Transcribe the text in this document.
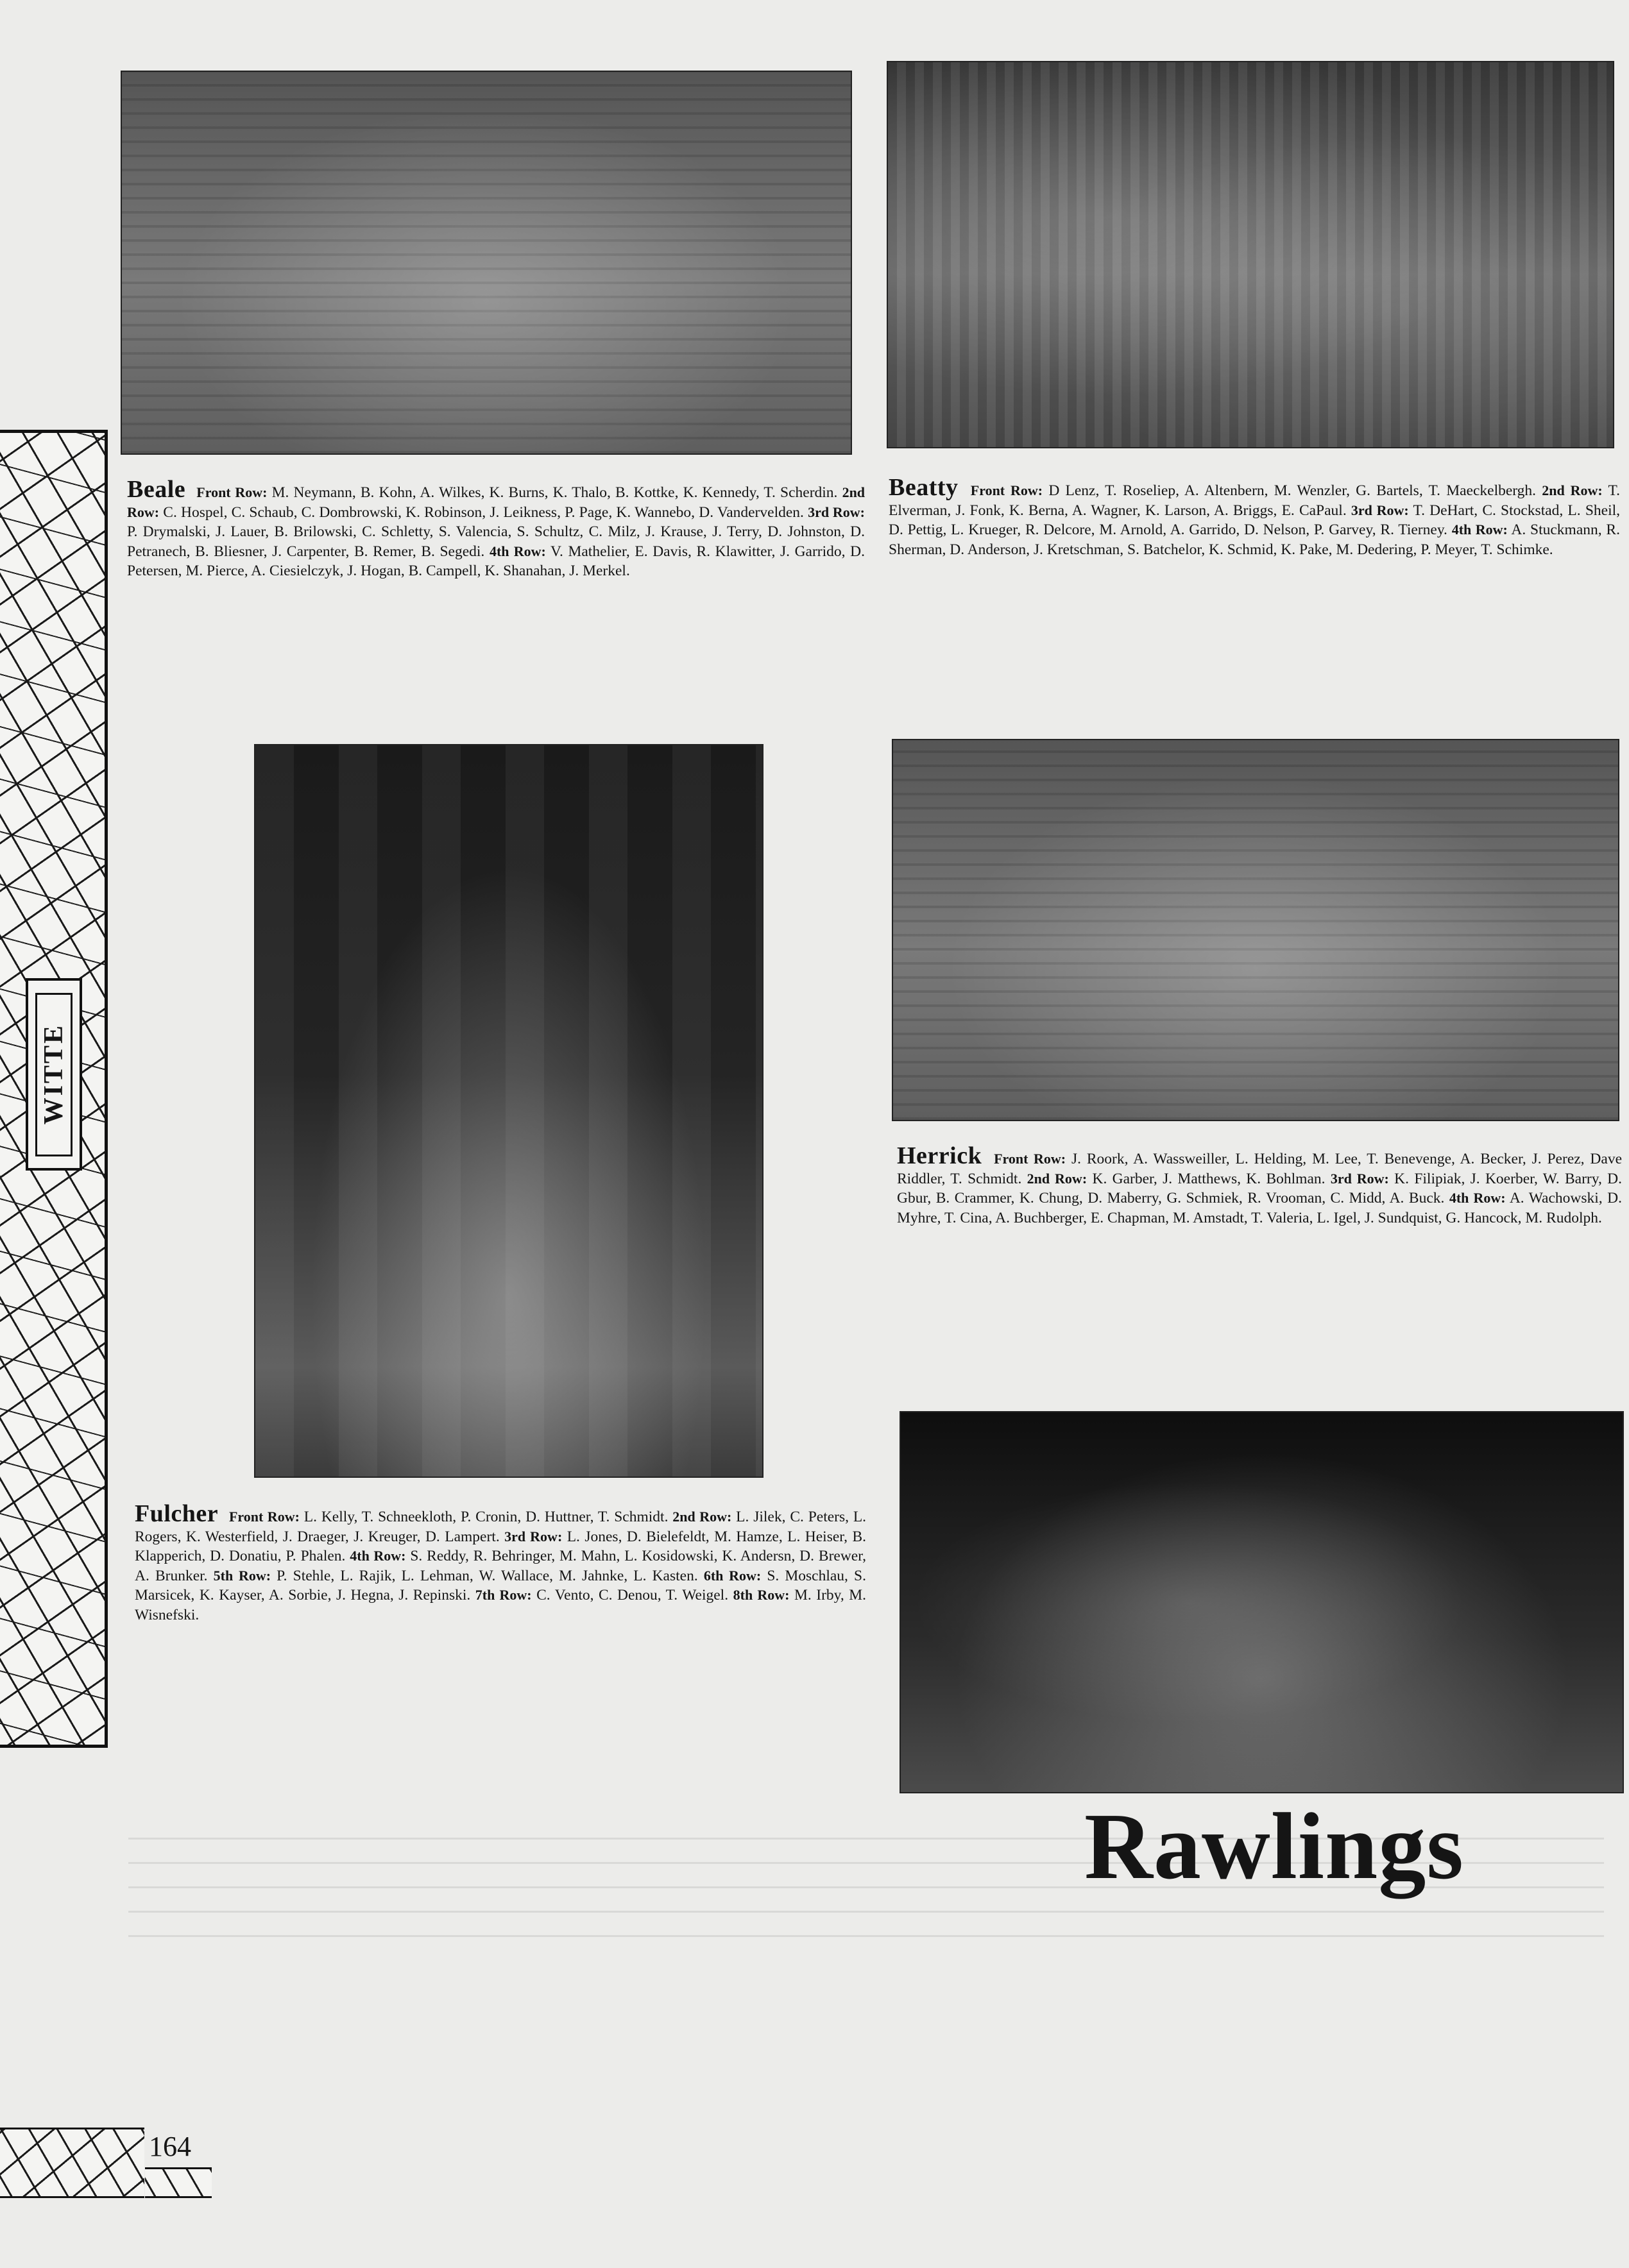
WITTE

Beale Front Row: M. Neymann, B. Kohn, A. Wilkes, K. Burns, K. Thalo, B. Kottke, K. Kennedy, T. Scherdin. 2nd Row: C. Hospel, C. Schaub, C. Dombrowski, K. Robinson, J. Leikness, P. Page, K. Wannebo, D. Vandervelden. 3rd Row: P. Drymalski, J. Lauer, B. Brilowski, C. Schletty, S. Valencia, S. Schultz, C. Milz, J. Krause, J. Terry, D. Johnston, D. Petranech, B. Bliesner, J. Carpenter, B. Remer, B. Segedi. 4th Row: V. Mathelier, E. Davis, R. Klawitter, J. Garrido, D. Petersen, M. Pierce, A. Ciesielczyk, J. Hogan, B. Campell, K. Shanahan, J. Merkel.

Beatty Front Row: D Lenz, T. Roseliep, A. Altenbern, M. Wenzler, G. Bartels, T. Maeckelbergh. 2nd Row: T. Elverman, J. Fonk, K. Berna, A. Wagner, K. Larson, A. Briggs, E. CaPaul. 3rd Row: T. DeHart, C. Stockstad, L. Sheil, D. Pettig, L. Krueger, R. Delcore, M. Arnold, A. Garrido, D. Nelson, P. Garvey, R. Tierney. 4th Row: A. Stuckmann, R. Sherman, D. Anderson, J. Kretschman, S. Batchelor, K. Schmid, K. Pake, M. Dedering, P. Meyer, T. Schimke.

Fulcher Front Row: L. Kelly, T. Schneekloth, P. Cronin, D. Huttner, T. Schmidt. 2nd Row: L. Jilek, C. Peters, L. Rogers, K. Westerfield, J. Draeger, J. Kreuger, D. Lampert. 3rd Row: L. Jones, D. Bielefeldt, M. Hamze, L. Heiser, B. Klapperich, D. Donatiu, P. Phalen. 4th Row: S. Reddy, R. Behringer, M. Mahn, L. Kosidowski, K. Andersn, D. Brewer, A. Brunker. 5th Row: P. Stehle, L. Rajik, L. Lehman, W. Wallace, M. Jahnke, L. Kasten. 6th Row: S. Moschlau, S. Marsicek, K. Kayser, A. Sorbie, J. Hegna, J. Repinski. 7th Row: C. Vento, C. Denou, T. Weigel. 8th Row: M. Irby, M. Wisnefski.

Herrick Front Row: J. Roork, A. Wassweiller, L. Helding, M. Lee, T. Benevenge, A. Becker, J. Perez, Dave Riddler, T. Schmidt. 2nd Row: K. Garber, J. Matthews, K. Bohlman. 3rd Row: K. Filipiak, J. Koerber, W. Barry, D. Gbur, B. Crammer, K. Chung, D. Maberry, G. Schmiek, R. Vrooman, C. Midd, A. Buck. 4th Row: A. Wachowski, D. Myhre, T. Cina, A. Buchberger, E. Chapman, M. Amstadt, T. Valeria, L. Igel, J. Sundquist, G. Hancock, M. Rudolph.

Rawlings
164
